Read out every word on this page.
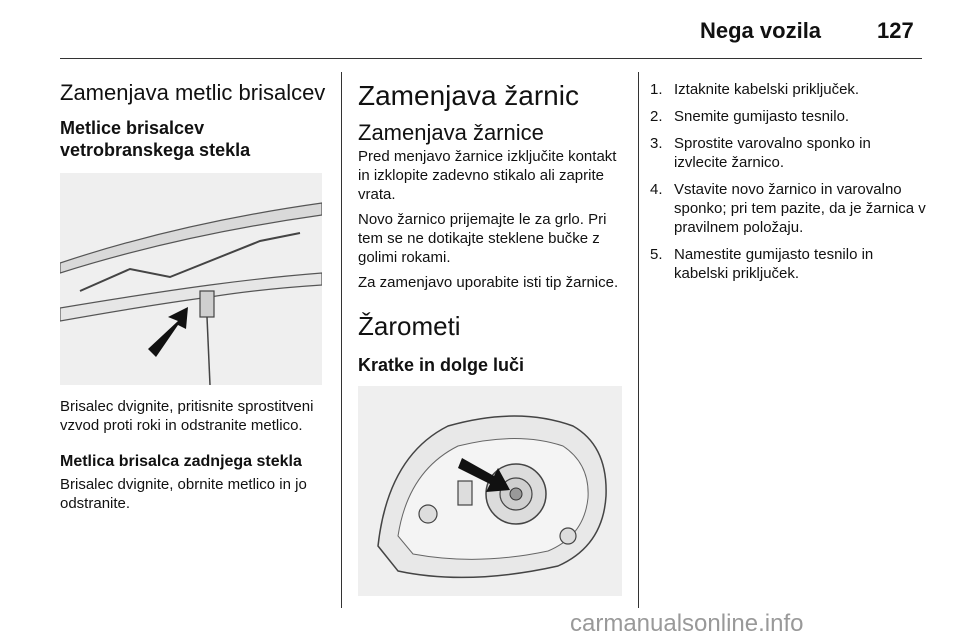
Nega vozila	127
Zamenjava metlic brisalcev
Metlice brisalcev vetrobranskega stekla

Brisalec dvignite, pritisnite sprostitveni vzvod proti roki in odstranite metlico.

Metlica brisalca zadnjega stekla

Brisalec dvignite, obrnite metlico in jo odstranite.

Zamenjava žarnic
Zamenjava žarnice

Pred menjavo žarnice izključite kontakt in izklopite zadevno stikalo ali zaprite vrata.

Novo žarnico prijemajte le za grlo. Pri tem se ne dotikajte steklene bučke z golimi rokami.

Za zamenjavo uporabite isti tip žarnice.

Žarometi
Kratke in dolge luči
1. Iztaknite kabelski priključek.
2. Snemite gumijasto tesnilo.
3. Sprostite varovalno sponko in izvlecite žarnico.
4. Vstavite novo žarnico in varovalno sponko; pri tem pazite, da je žarnica v pravilnem položaju.
5. Namestite gumijasto tesnilo in kabelski priključek.
carmanualsonline.info
